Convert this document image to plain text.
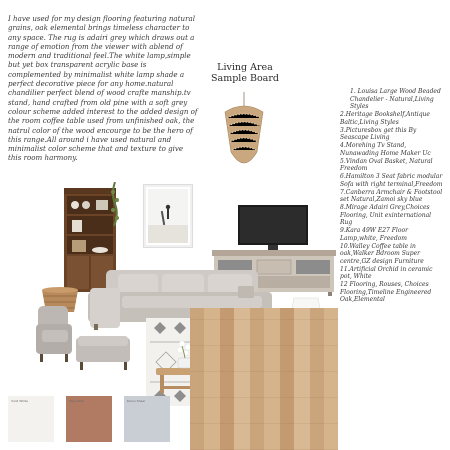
I have used for my design flooring featuring natural grains, oak elemental brings timeless character to any space. The rug is adairi grey which draws out a range of emotion from the viewer with ablend of modern and traditional feel.The white lamp,simple but yet box transparent acrylic base is complemented by minimalist white lamp shade a perfect decorative piece for any home.natural chandilier perfect blend of wood crafte manship.tv stand, hand crafted from old pine with a soft grey colour scheme added interest to the added design of the room coffee table used from unfinished oak, the natrul color of the wood encourge to be the hero of this range.All around i have used natural and minimalist color scheme that and texture to give this room harmony.
Living Area Sample Board
1. Louisa Large Wood Beaded Chandelier - Natural,Living Styles
2.Heritage Bookshelf,Antique Baltic,Living Styles
3.Picturesbox get this By Seascape Living
4.Morehing Tv Stand, Nunawading Home Maker Uc
5.Vindan Oval Basket, Natural Freedom
6.Hamilton 3 Seat fabric modular Sofa with right terminal,Freedom
7.Canberra Armchair & Footstool set Natural,Zamoi sky blue
8.Mirage Adairi Grey,Choices Flooring, Unit exinternational Rug
9.Kara 49W E27 Floor Lamp,white, Freedom
10.Walley Coffee table in oak,Walker Bdroom Super centre,GZ design Furniture
11.Artificial Orchid in ceramic pot, White
12 Flooring, Rouses, Choices Flooring,Timeline Engineered Oak,Elemental
Vivid White	Clay Date	Dulux Sheer
